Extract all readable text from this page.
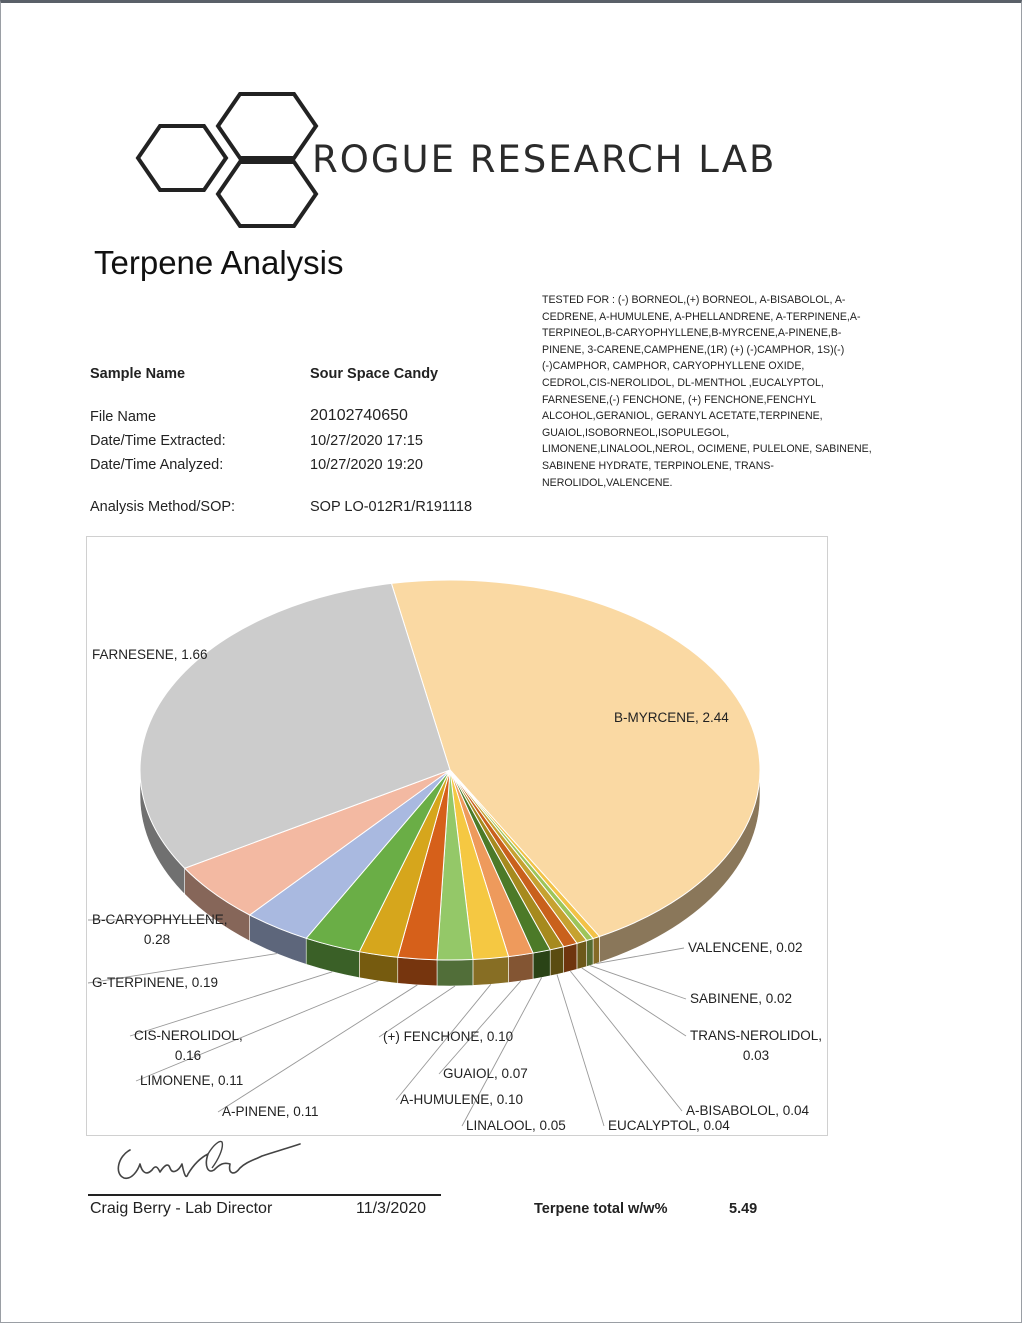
ROGUE RESEARCH LAB
Terpene Analysis
Sample Name	Sour Space Candy
File Name	20102740650
Date/Time Extracted:	10/27/2020 17:15
Date/Time Analyzed:	10/27/2020 19:20
Analysis Method/SOP:	SOP LO-012R1/R191118
TESTED FOR : (-) BORNEOL,(+) BORNEOL, A-BISABOLOL, A-CEDRENE, A-HUMULENE, A-PHELLANDRENE, A-TERPINENE,A-TERPINEOL,B-CARYOPHYLLENE,B-MYRCENE,A-PINENE,B-PINENE, 3-CARENE,CAMPHENE,(1R) (+) (-)CAMPHOR, 1S)(-)(-)CAMPHOR, CAMPHOR, CARYOPHYLLENE OXIDE, CEDROL,CIS-NEROLIDOL, DL-MENTHOL ,EUCALYPTOL, FARNESENE,(-) FENCHONE, (+) FENCHONE,FENCHYL ALCOHOL,GERANIOL, GERANYL ACETATE,TERPINENE, GUAIOL,ISOBORNEOL,ISOPULEGOL, LIMONENE,LINALOOL,NEROL, OCIMENE, PULELONE, SABINENE, SABINENE HYDRATE, TERPINOLENE, TRANS-NEROLIDOL,VALENCENE.
B-MYRCENE, 2.44
VALENCENE, 0.02
SABINENE, 0.02
TRANS-NEROLIDOL, 0.03
A-BISABOLOL, 0.04
EUCALYPTOL, 0.04
LINALOOL, 0.05
GUAIOL, 0.07
A-HUMULENE, 0.10
(+) FENCHONE, 0.10
A-PINENE, 0.11
LIMONENE, 0.11
CIS-NEROLIDOL, 0.16
G-TERPINENE, 0.19
B-CARYOPHYLLENE, 0.28
FARNESENE, 1.66
Craig Berry - Lab Director	11/3/2020	Terpene total w/w%	5.49
